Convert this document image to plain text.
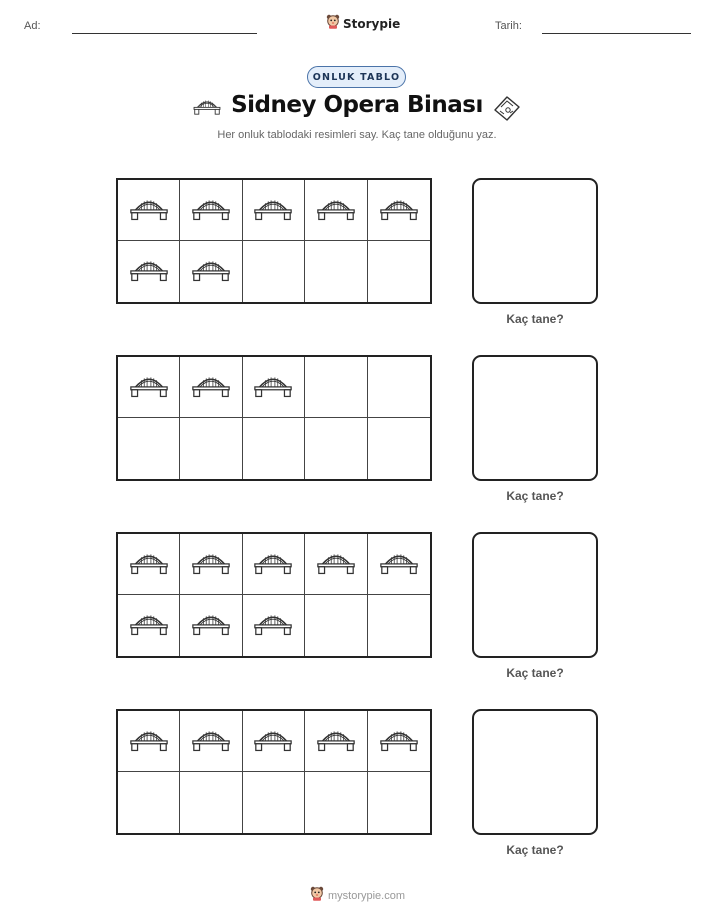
Ad:	Storypie	Tarih:
ONLUK TABLO
Sidney Opera Binası
Her onluk tablodaki resimleri say. Kaç tane olduğunu yaz.
Kaç tane?
Kaç tane?
Kaç tane?
Kaç tane?
mystorypie.com
